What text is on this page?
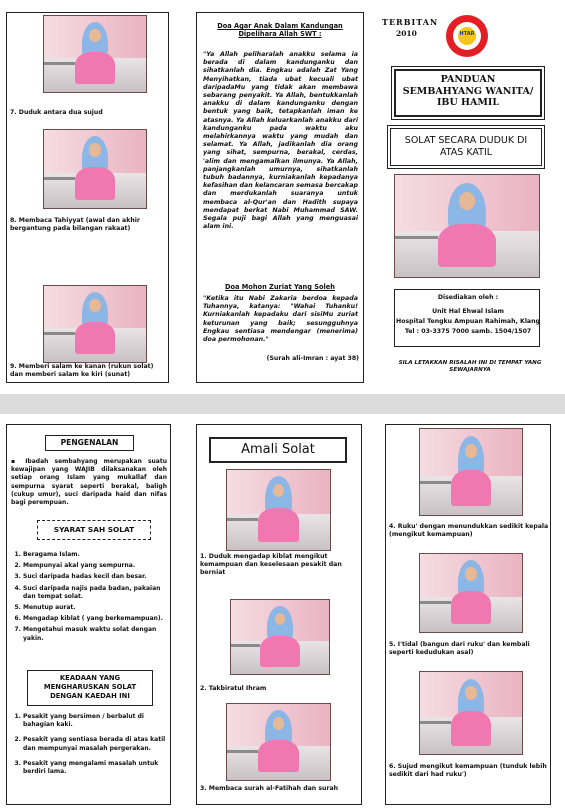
7. Duduk antara dua sujud
8. Membaca Tahiyyat (awal dan akhir bergantung pada bilangan rakaat)
9. Memberi salam ke kanan (rukun solat) dan memberi salam ke kiri (sunat)
Doa Agar Anak Dalam Kandungan Dipelihara Allah SWT :
"Ya Allah peliharalah anakku selama ia berada di dalam kandunganku dan sihatkanlah dia. Engkau adalah Zat Yang Menyihatkan, tiada ubat kecuali ubat daripadaMu yang tidak akan membawa sebarang penyakit. Ya Allah, bentukkanlah anakku di dalam kandunganku dengan bentuk yang baik, tetapkanlah iman ke atasnya. Ya Allah keluarkanlah anakku dari kandunganku pada waktu aku melahirkannya waktu yang mudah dan selamat. Ya Allah, jadikanlah dia orang yang sihat, sempurna, berakal, cerdas, 'alim dan mengamalkan ilmunya. Ya Allah, panjangkanlah umurnya, sihatkanlah tubuh badannya, kurniakanlah kepadanya kefasihan dan kelancaran semasa bercakap dan merdukanlah suaranya untuk membaca al-Qur'an dan Hadith supaya mendapat berkat Nabi Muhammad SAW. Segala puji bagi Allah yang menguasai alam ini.
Doa Mohon Zuriat Yang Soleh
"Ketika itu Nabi Zakaria berdoa kepada Tuhannya, katanya: "Wahai Tuhanku! Kurniakanlah kepadaku dari sisiMu zuriat keturunan yang baik; sesungguhnya Engkau sentiasa mendengar (menerima) doa permohonan."
(Surah ali-Imran : ayat 38)
TERBITAN
2010	HTAR
PANDUAN SEMBAHYANG WANITA/ IBU HAMIL
SOLAT SECARA DUDUK DI ATAS KATIL
Disediakan oleh :
Unit Hal Ehwal Islam
Hospital Tengku Ampuan Rahimah, Klang
Tel : 03-3375 7000 samb. 1504/1507
SILA LETAKKAN RISALAH INI DI TEMPAT YANG SEWAJARNYA
PENGENALAN
▪ Ibadah sembahyang merupakan suatu kewajipan yang WAJIB dilaksanakan oleh setiap orang Islam yang mukallaf dan sempurna syarat seperti berakal, baligh (cukup umur), suci daripada haid dan nifas bagi perempuan.
SYARAT SAH SOLAT
1. Beragama Islam.
2. Mempunyai akal yang sempurna.
3. Suci daripada hadas kecil dan besar.
4. Suci daripada najis pada badan, pakaian dan tempat solat.
5. Menutup aurat.
6. Mengadap kiblat ( yang berkemampuan).
7. Mengetahui masuk waktu solat dengan yakin.
KEADAAN YANG MENGHARUSKAN SOLAT DENGAN KAEDAH INI
1. Pesakit yang bersimen / berbalut di bahagian kaki.
2. Pesakit yang sentiasa berada di atas katil dan mempunyai masalah pergerakan.
3. Pesakit yang mengalami masalah untuk berdiri lama.
Amali Solat
1. Duduk mengadap kiblat mengikut kemampuan dan keselesaan pesakit dan berniat
2. Takbiratul Ihram
3. Membaca surah al-Fatihah dan surah
4. Ruku' dengan menundukkan sedikit kepala (mengikut kemampuan)
5. I'tidal (bangun dari ruku' dan kembali seperti kedudukan asal)
6. Sujud mengikut kemampuan (tunduk lebih sedikit dari had ruku')
